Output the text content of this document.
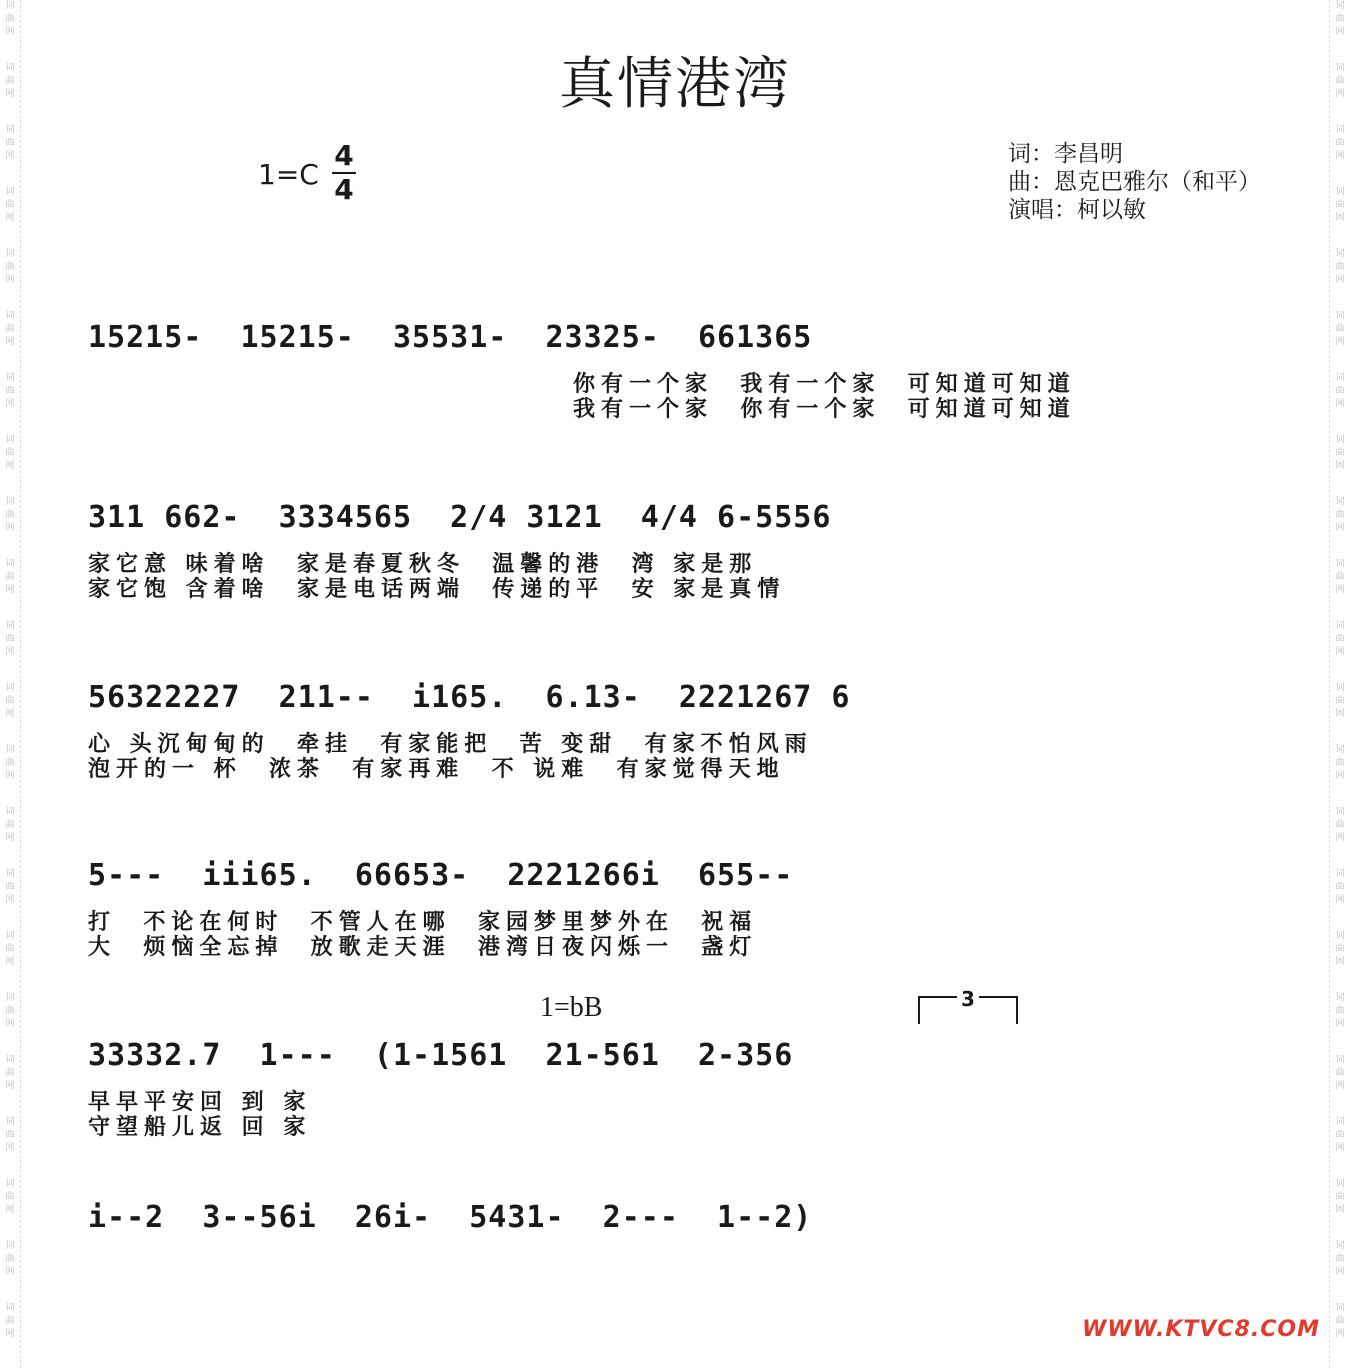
词
曲
网
词
曲
网
词
曲
网
词
曲
网
词
曲
网
词
曲
网
词
曲
网
词
曲
网
词
曲
网
词
曲
网
词
曲
网
词
曲
网
词
曲
网
词
曲
网
词
曲
网
词
曲
网
词
曲
网
词
曲
网
词
曲
网
词
曲
网
词
曲
网
词
曲
网
词
曲
网
词
曲
网
词
曲
网
词
曲
网
词
曲
网
词
曲
网
词
曲
网
词
曲
网
词
曲
网
词
曲
网
词
曲
网
词
曲
网
词
曲
网
词
曲
网
词
曲
网
词
曲
网
词
曲
网
词
曲
网
词
曲
网
词
曲
网
词
曲
网
词
曲
网
真情港湾
1=C
4
4
词：李昌明
曲：恩克巴雅尔（和平）
演唱：柯以敏
15215-  15215-  35531-  23325-  661365
你有一个家  我有一个家  可知道可知道
我有一个家  你有一个家  可知道可知道
311 662-  3334565  2/4 3121  4/4 6-5556
家它意 味着啥  家是春夏秋冬  温馨的港  湾 家是那
家它饱 含着啥  家是电话两端  传递的平  安 家是真情
56322227  211--  i165.  6.13-  2221267 6
心 头沉甸甸的  牵挂  有家能把  苦 变甜  有家不怕风雨
泡开的一 杯  浓茶  有家再难  不 说难  有家觉得天地
5---  iii65.  66653-  2221266i  655--
打  不论在何时  不管人在哪  家园梦里梦外在  祝福
大  烦恼全忘掉  放歌走天涯  港湾日夜闪烁一  盏灯
1=bB	3
33332.7  1---  (1-1561  21-561  2-356
早早平安回 到 家
守望船儿返 回 家
i--2  3--56i  26i-  5431-  2---  1--2)
WWW.KTVC8.COM
